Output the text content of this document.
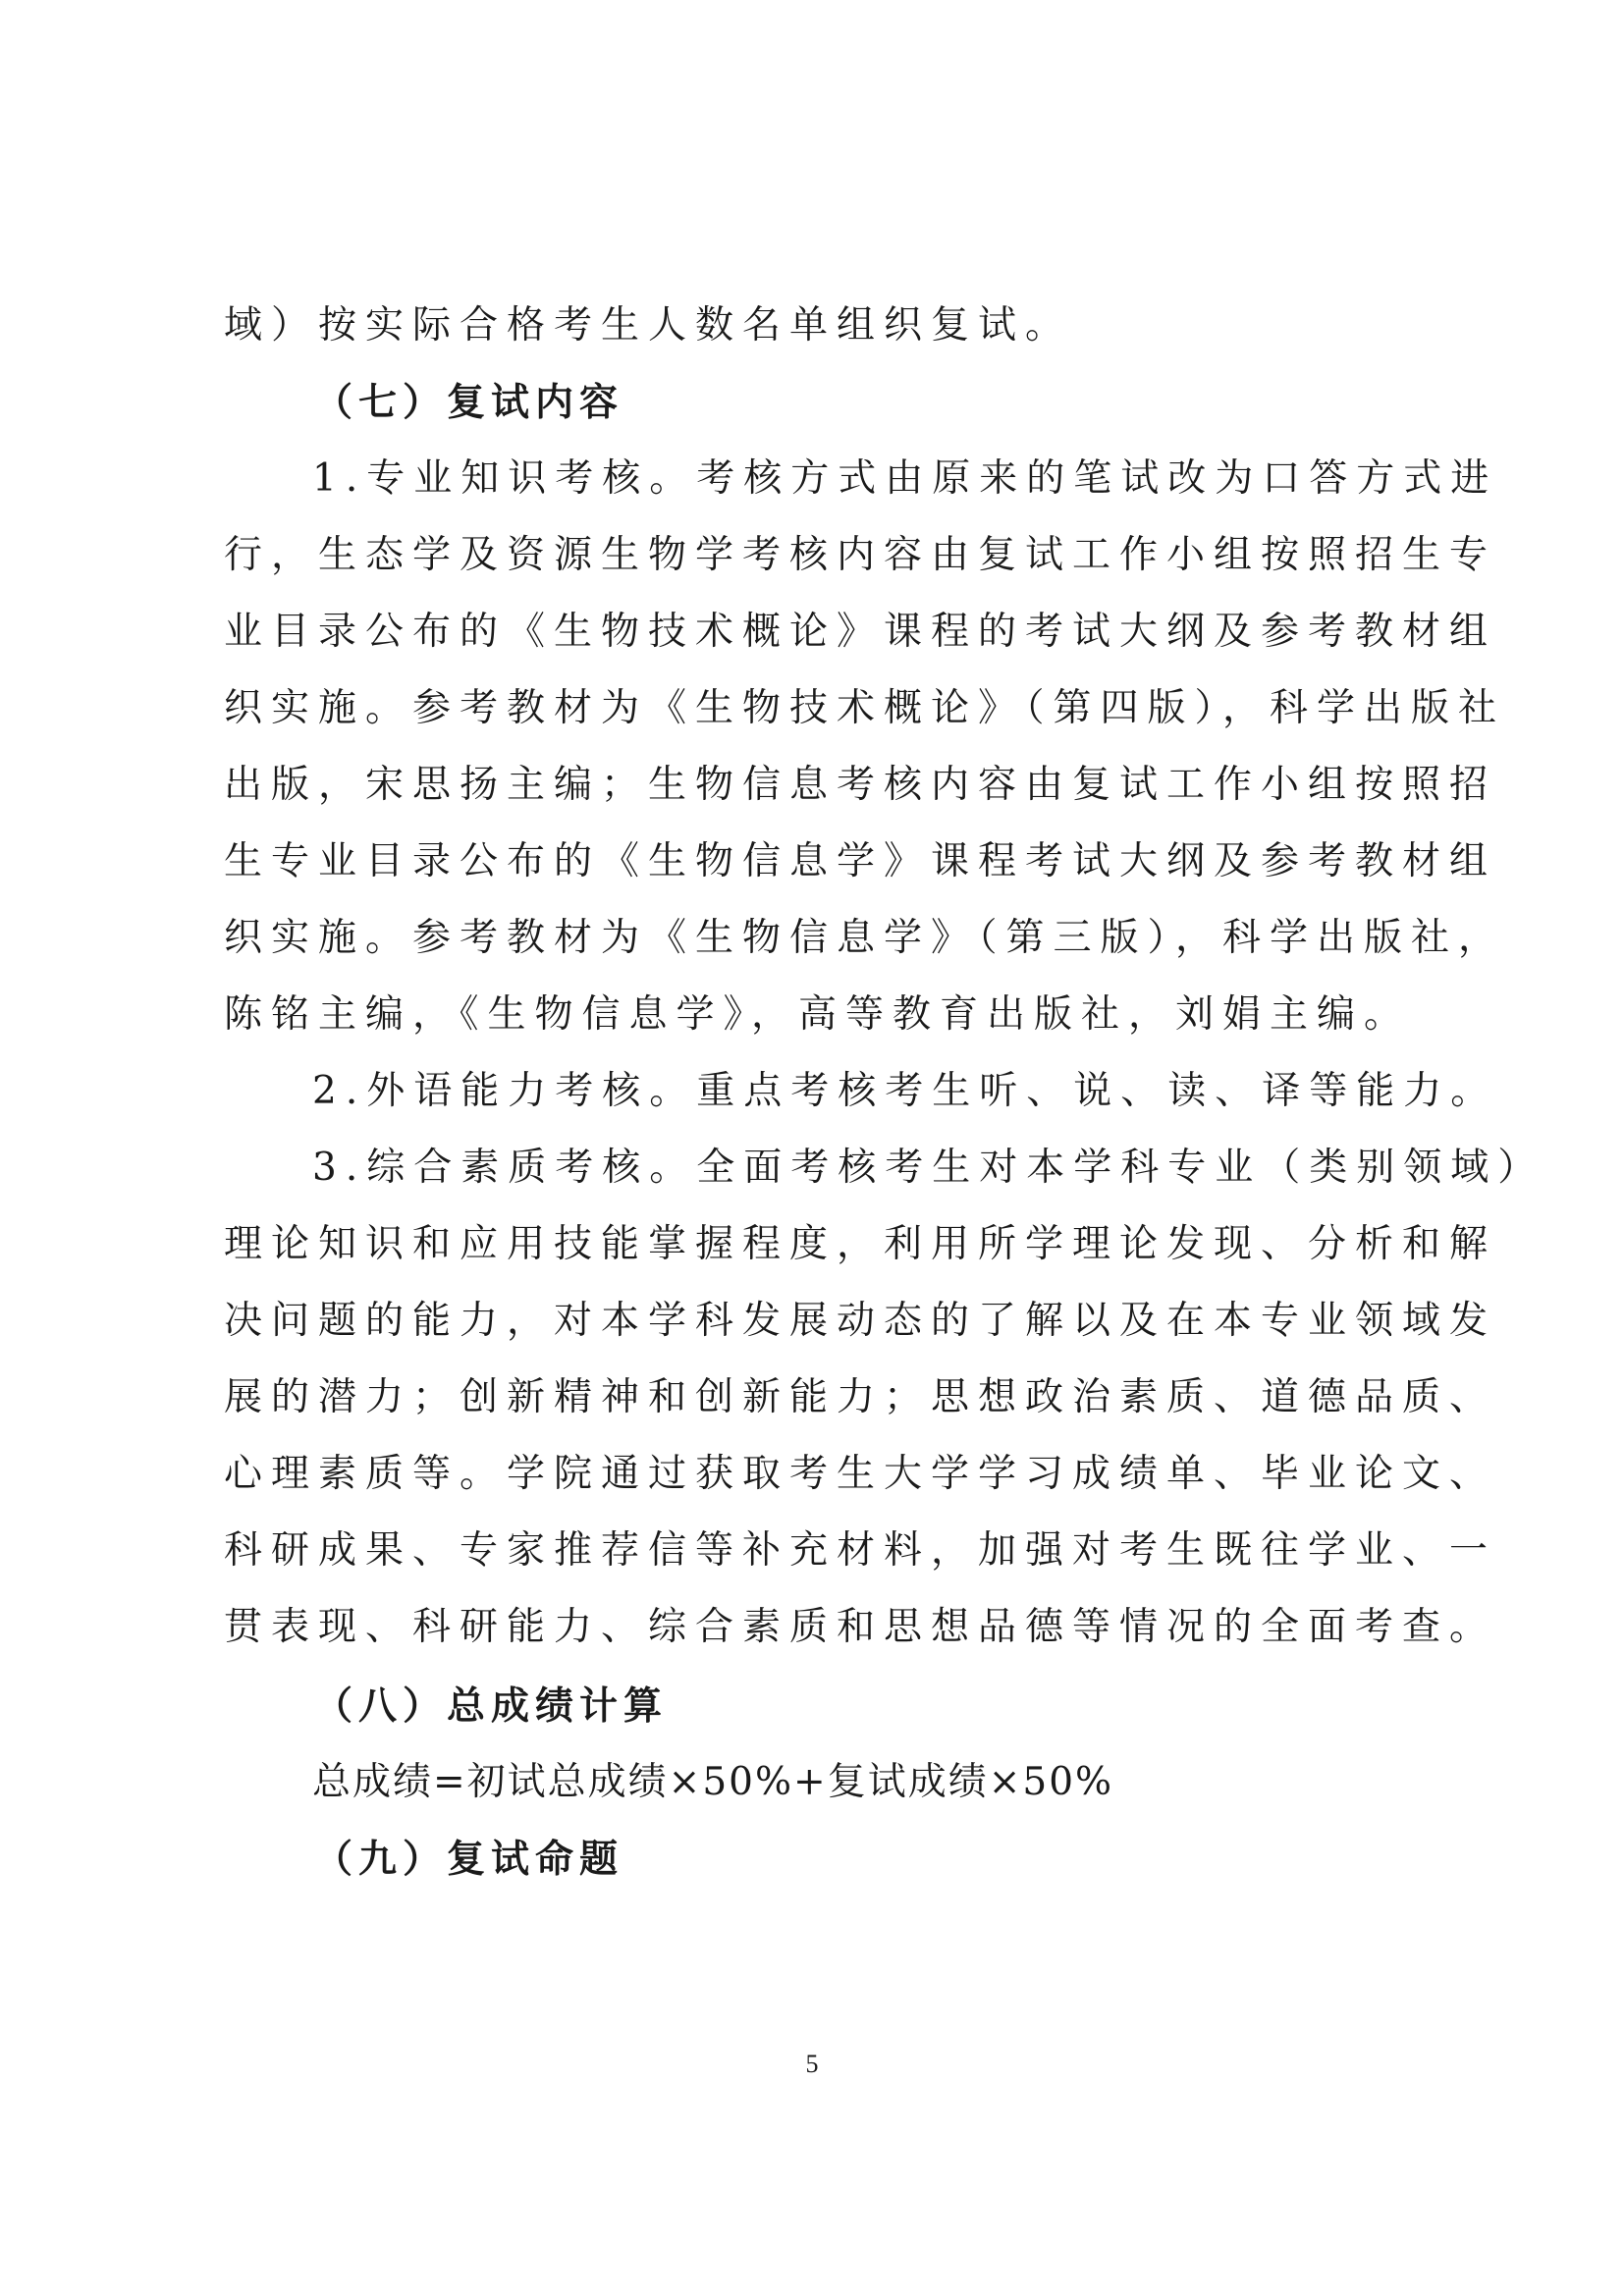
域）按实际合格考生人数名单组织复试。
（七）复试内容
1.专业知识考核。考核方式由原来的笔试改为口答方式进
行，生态学及资源生物学考核内容由复试工作小组按照招生专
业目录公布的《生物技术概论》课程的考试大纲及参考教材组
织实施。参考教材为《生物技术概论》（第四版），科学出版社
出版，宋思扬主编；生物信息考核内容由复试工作小组按照招
生专业目录公布的《生物信息学》课程考试大纲及参考教材组
织实施。参考教材为《生物信息学》（第三版），科学出版社，
陈铭主编，《生物信息学》，高等教育出版社，刘娟主编。
2.外语能力考核。重点考核考生听、说、读、译等能力。
3.综合素质考核。全面考核考生对本学科专业（类别领域）
理论知识和应用技能掌握程度，利用所学理论发现、分析和解
决问题的能力，对本学科发展动态的了解以及在本专业领域发
展的潜力；创新精神和创新能力；思想政治素质、道德品质、
心理素质等。学院通过获取考生大学学习成绩单、毕业论文、
科研成果、专家推荐信等补充材料，加强对考生既往学业、一
贯表现、科研能力、综合素质和思想品德等情况的全面考查。
（八）总成绩计算
总成绩=初试总成绩×50%+复试成绩×50%
（九）复试命题
5
